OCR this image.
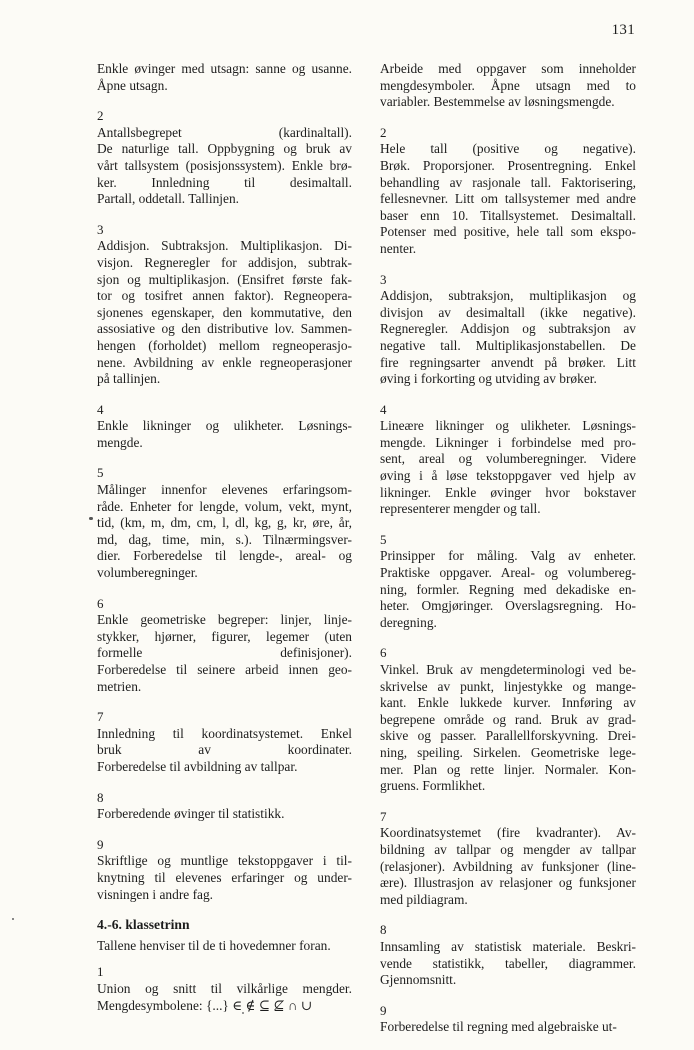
131
Enkle øvinger med utsagn: sanne og usanne.
Åpne utsagn.
2
Antallsbegrepet (kardinaltall).
De naturlige tall. Oppbygning og bruk av
vårt tallsystem (posisjonssystem). Enkle brø-
ker. Innledning til desimaltall.
Partall, oddetall. Tallinjen.
3
Addisjon. Subtraksjon. Multiplikasjon. Di-
visjon. Regneregler for addisjon, subtrak-
sjon og multiplikasjon. (Ensifret første fak-
tor og tosifret annen faktor). Regneopera-
sjonenes egenskaper, den kommutative, den
assosiative og den distributive lov. Sammen-
hengen (forholdet) mellom regneoperasjo-
nene. Avbildning av enkle regneoperasjoner
på tallinjen.
4
Enkle likninger og ulikheter. Løsnings-
mengde.
5
Målinger innenfor elevenes erfaringsom-
råde. Enheter for lengde, volum, vekt, mynt,
tid, (km, m, dm, cm, l, dl, kg, g, kr, øre, år,
md, dag, time, min, s.). Tilnærmingsver-
dier. Forberedelse til lengde-, areal- og
volumberegninger.
6
Enkle geometriske begreper: linjer, linje-
stykker, hjørner, figurer, legemer (uten
formelle definisjoner).
Forberedelse til seinere arbeid innen geo-
metrien.
7
Innledning til koordinatsystemet. Enkel
bruk av koordinater.
Forberedelse til avbildning av tallpar.
8
Forberedende øvinger til statistikk.
9
Skriftlige og muntlige tekstoppgaver i til-
knytning til elevenes erfaringer og under-
visningen i andre fag.
4.-6. klassetrinn
Tallene henviser til de ti hovedemner foran.
1
Union og snitt til vilkårlige mengder.
Mengdesymbolene: {...} ∈ ∉ ⊆ ⊈ ∩ ∪
Arbeide med oppgaver som inneholder
mengdesymboler. Åpne utsagn med to
variabler. Bestemmelse av løsningsmengde.
2
Hele tall (positive og negative).
Brøk. Proporsjoner. Prosentregning. Enkel
behandling av rasjonale tall. Faktorisering,
fellesnevner. Litt om tallsystemer med andre
baser enn 10. Titallsystemet. Desimaltall.
Potenser med positive, hele tall som ekspo-
nenter.
3
Addisjon, subtraksjon, multiplikasjon og
divisjon av desimaltall (ikke negative).
Regneregler. Addisjon og subtraksjon av
negative tall. Multiplikasjonstabellen. De
fire regningsarter anvendt på brøker. Litt
øving i forkorting og utviding av brøker.
4
Lineære likninger og ulikheter. Løsnings-
mengde. Likninger i forbindelse med pro-
sent, areal og volumberegninger. Videre
øving i å løse tekstoppgaver ved hjelp av
likninger. Enkle øvinger hvor bokstaver
representerer mengder og tall.
5
Prinsipper for måling. Valg av enheter.
Praktiske oppgaver. Areal- og volumbereg-
ning, formler. Regning med dekadiske en-
heter. Omgjøringer. Overslagsregning. Ho-
deregning.
6
Vinkel. Bruk av mengdeterminologi ved be-
skrivelse av punkt, linjestykke og mange-
kant. Enkle lukkede kurver. Innføring av
begrepene område og rand. Bruk av grad-
skive og passer. Parallellforskyvning. Drei-
ning, speiling. Sirkelen. Geometriske lege-
mer. Plan og rette linjer. Normaler. Kon-
gruens. Formlikhet.
7
Koordinatsystemet (fire kvadranter). Av-
bildning av tallpar og mengder av tallpar
(relasjoner). Avbildning av funksjoner (line-
ære). Illustrasjon av relasjoner og funksjoner
med pildiagram.
8
Innsamling av statistisk materiale. Beskri-
vende statistikk, tabeller, diagrammer.
Gjennomsnitt.
9
Forberedelse til regning med algebraiske ut-
